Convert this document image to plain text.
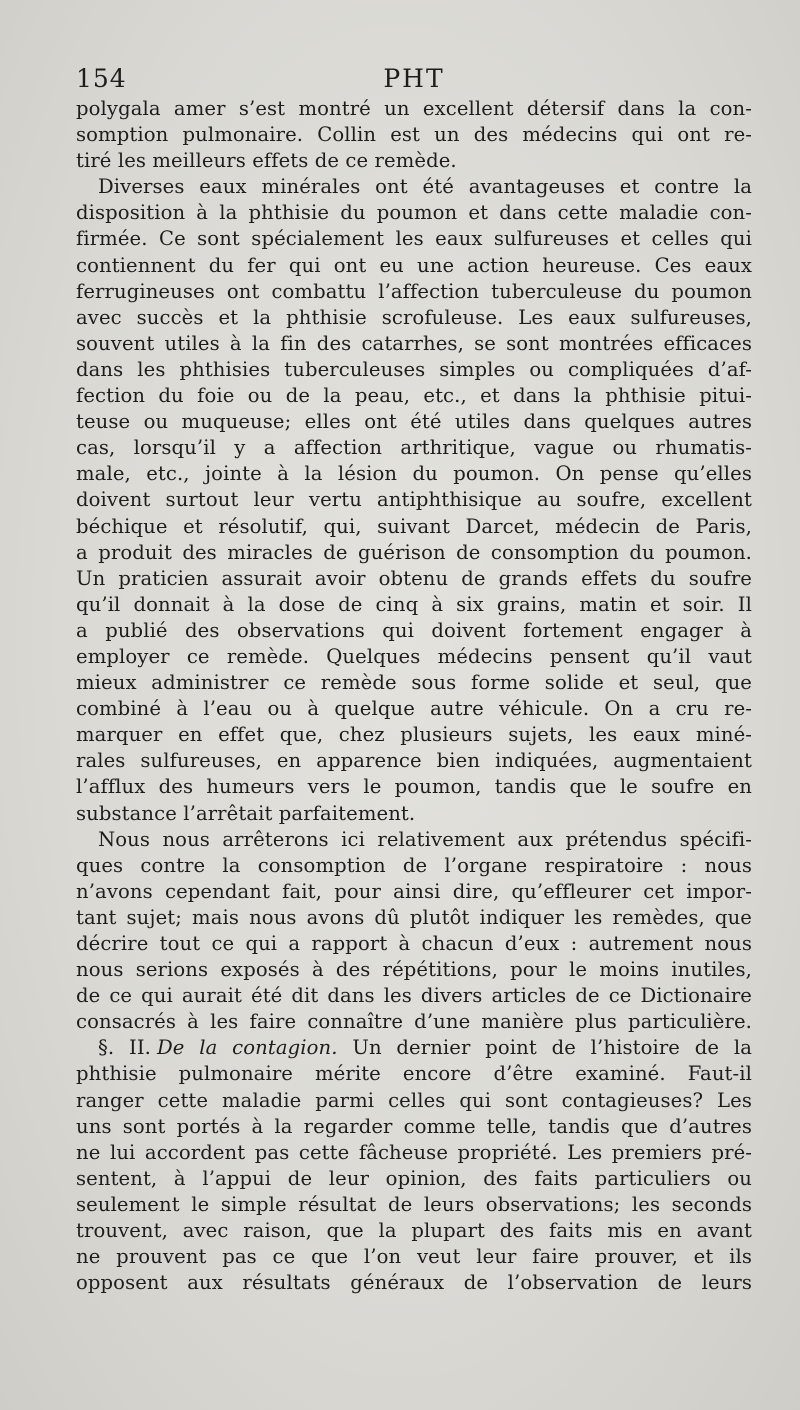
154	PHT
polygala amer s’est montré un excellent détersif dans la con-
somption pulmonaire. Collin est un des médecins qui ont re-
tiré les meilleurs effets de ce remède.
Diverses eaux minérales ont été avantageuses et contre la
disposition à la phthisie du poumon et dans cette maladie con-
firmée. Ce sont spécialement les eaux sulfureuses et celles qui
contiennent du fer qui ont eu une action heureuse. Ces eaux
ferrugineuses ont combattu l’affection tuberculeuse du poumon
avec succès et la phthisie scrofuleuse. Les eaux sulfureuses,
souvent utiles à la fin des catarrhes, se sont montrées efficaces
dans les phthisies tuberculeuses simples ou compliquées d’af-
fection du foie ou de la peau, etc., et dans la phthisie pitui-
teuse ou muqueuse; elles ont été utiles dans quelques autres
cas, lorsqu’il y a affection arthritique, vague ou rhumatis-
male, etc., jointe à la lésion du poumon. On pense qu’elles
doivent surtout leur vertu antiphthisique au soufre, excellent
béchique et résolutif, qui, suivant Darcet, médecin de Paris,
a produit des miracles de guérison de consomption du poumon.
Un praticien assurait avoir obtenu de grands effets du soufre
qu’il donnait à la dose de cinq à six grains, matin et soir. Il
a publié des observations qui doivent fortement engager à
employer ce remède. Quelques médecins pensent qu’il vaut
mieux administrer ce remède sous forme solide et seul, que
combiné à l’eau ou à quelque autre véhicule. On a cru re-
marquer en effet que, chez plusieurs sujets, les eaux miné-
rales sulfureuses, en apparence bien indiquées, augmentaient
l’afflux des humeurs vers le poumon, tandis que le soufre en
substance l’arrêtait parfaitement.
Nous nous arrêterons ici relativement aux prétendus spécifi-
ques contre la consomption de l’organe respiratoire : nous
n’avons cependant fait, pour ainsi dire, qu’effleurer cet impor-
tant sujet; mais nous avons dû plutôt indiquer les remèdes, que
décrire tout ce qui a rapport à chacun d’eux : autrement nous
nous serions exposés à des répétitions, pour le moins inutiles,
de ce qui aurait été dit dans les divers articles de ce Dictionaire
consacrés à les faire connaître d’une manière plus particulière.
§. II. De la contagion. Un dernier point de l’histoire de la
phthisie pulmonaire mérite encore d’être examiné. Faut-il
ranger cette maladie parmi celles qui sont contagieuses? Les
uns sont portés à la regarder comme telle, tandis que d’autres
ne lui accordent pas cette fâcheuse propriété. Les premiers pré-
sentent, à l’appui de leur opinion, des faits particuliers ou
seulement le simple résultat de leurs observations; les seconds
trouvent, avec raison, que la plupart des faits mis en avant
ne prouvent pas ce que l’on veut leur faire prouver, et ils
opposent aux résultats généraux de l’observation de leurs
